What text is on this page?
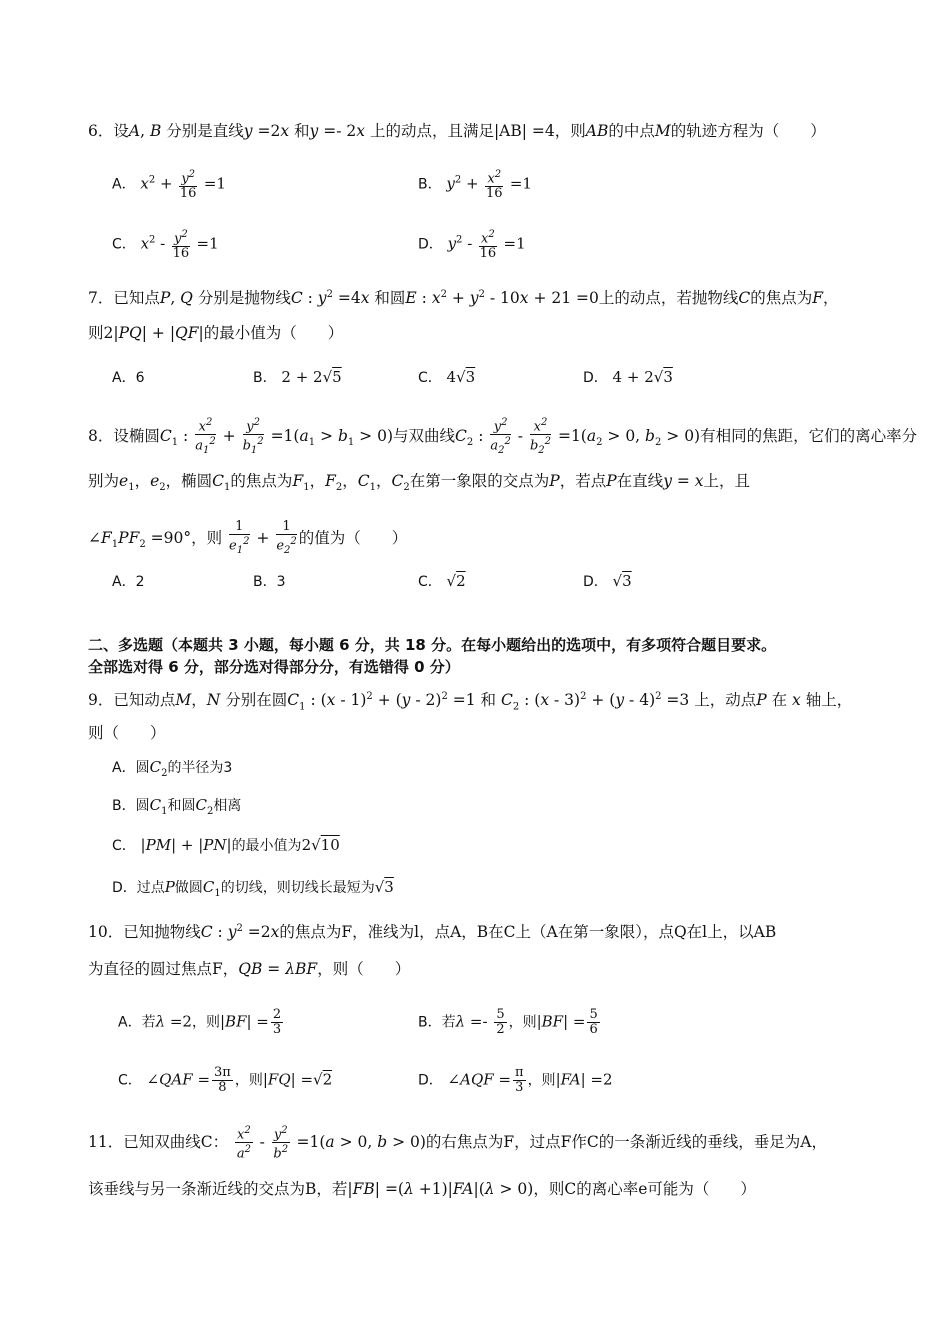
6．设A, B 分别是直线y =2x 和y =- 2x 上的动点，且满足|AB| =4，则AB的中点M的轨迹方程为（　　）
A． $x^2 + \frac{y^2}{16} =1$	B． $y^2 + \frac{x^2}{16} =1$
C． $x^2 - \frac{y^2}{16} =1$	D． $y^2 - \frac{x^2}{16} =1$
7．已知点P, Q 分别是抛物线C : $y^2 =4x$ 和圆E : $x^2 + y^2 - 10x + 21 =0$上的动点，若抛物线C的焦点为F，
则2|PQ| + |QF|的最小值为（　　）
A．6	B． 2 + 2√5	C． 4√3	D． 4 + 2√3
8．设椭圆$C_1$ : $\frac{x^2}{a_1^2} + \frac{y^2}{b_1^2} =1(a_1 > b_1 > 0)$与双曲线$C_2$ : $\frac{y^2}{a_2^2} - \frac{x^2}{b_2^2} =1(a_2 > 0$, $b_2 > 0$)有相同的焦距，它们的离心率分
别为$e_1$，$e_2$，椭圆$C_1$的焦点为$F_1$，$F_2$，$C_1$，$C_2$在第一象限的交点为P，若点P在直线y = x上，且
$\angle F_1PF_2 =90^\circ$，则 $\frac{1}{e_1^2} + \frac{1}{e_2^2}$ 的值为（　　）
A．2	B．3	C． √2	D． √3
二、多选题（本题共 3 小题，每小题 6 分，共 18 分。在每小题给出的选项中，有多项符合题目要求。
全部选对得 6 分，部分选对得部分分，有选错得 0 分）
9．已知动点M，N 分别在圆$C_1$ : (x - 1)$^2$ + (y - 2)$^2$ =1 和 $C_2$ : (x - 3)$^2$ + (y - 4)$^2$ =3 上，动点P 在 x 轴上，
则（　　）
A．圆$C_2$的半径为3
B．圆$C_1$和圆$C_2$相离
C． |PM| + |PN|的最小值为2√10
D．过点P做圆$C_1$的切线，则切线长最短为√3
10．已知抛物线C : $y^2 =2x$的焦点为F，准线为l，点A，B在C上（A在第一象限），点Q在l上，以AB
为直径的圆过焦点F，QB = λBF，则（　　）
A．若λ =2，则$|BF| = \frac{2}{3}$	B．若$\lambda =- \frac{5}{2}$ ，则$|BF| = \frac{5}{6}$
C． ∠QAF = $\frac{3\pi}{8}$ ，则|FQ| =√2	D． ∠AQF = $\frac{\pi}{3}$ ，则|FA| =2
11．已知双曲线C： $\frac{x^2}{a^2} - \frac{y^2}{b^2} =1(a > 0$, b > 0)的右焦点为F，过点F作C的一条渐近线的垂线，垂足为A，
该垂线与另一条渐近线的交点为B，若|FB| =(λ +1)|FA|(λ > 0)，则C的离心率e可能为（　　）
